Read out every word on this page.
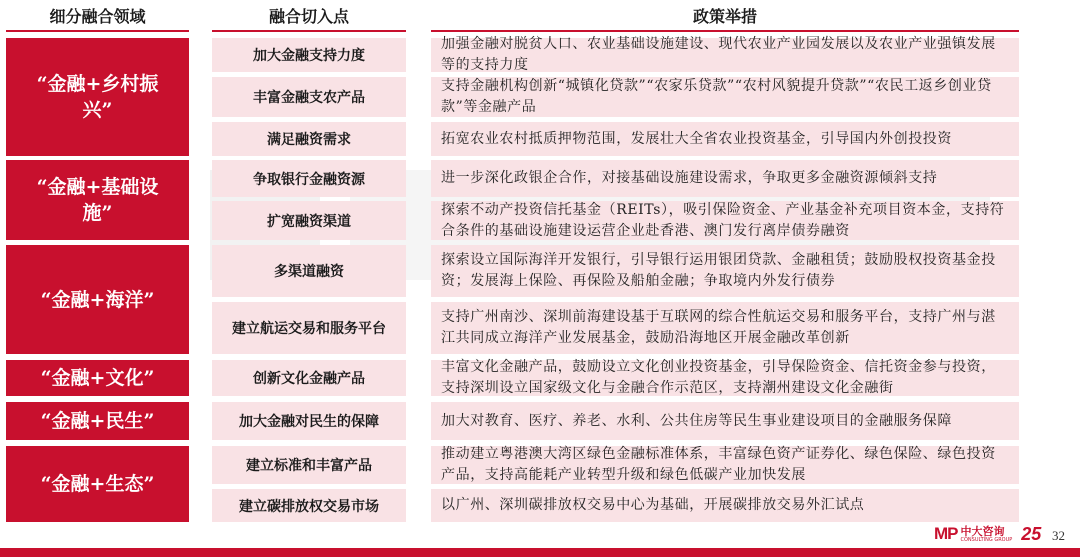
细分融合领域	融合切入点	政策举措
“金融+乡村振兴”
“金融+基础设施”
“金融+海洋”
“金融+文化”
“金融+民生”
“金融+生态”
加大金融支持力度
丰富金融支农产品
满足融资需求
争取银行金融资源
扩宽融资渠道
多渠道融资
建立航运交易和服务平台
创新文化金融产品
加大金融对民生的保障
建立标准和丰富产品
建立碳排放权交易市场
加强金融对脱贫人口、农业基础设施建设、现代农业产业园发展以及农业产业强镇发展等的支持力度
支持金融机构创新“城镇化贷款”“农家乐贷款”“农村风貌提升贷款”“农民工返乡创业贷款”等金融产品
拓宽农业农村抵质押物范围，发展壮大全省农业投资基金，引导国内外创投投资
进一步深化政银企合作，对接基础设施建设需求，争取更多金融资源倾斜支持
探索不动产投资信托基金（REITs），吸引保险资金、产业基金补充项目资本金，支持符合条件的基础设施建设运营企业赴香港、澳门发行离岸债券融资
探索设立国际海洋开发银行，引导银行运用银团贷款、金融租赁；鼓励股权投资基金投资；发展海上保险、再保险及船舶金融；争取境内外发行债券
支持广州南沙、深圳前海建设基于互联网的综合性航运交易和服务平台，支持广州与湛江共同成立海洋产业发展基金，鼓励沿海地区开展金融改革创新
丰富文化金融产品，鼓励设立文化创业投资基金，引导保险资金、信托资金参与投资，支持深圳设立国家级文化与金融合作示范区，支持潮州建设文化金融街
加大对教育、医疗、养老、水利、公共住房等民生事业建设项目的金融服务保障
推动建立粤港澳大湾区绿色金融标准体系，丰富绿色资产证券化、绿色保险、绿色投资产品，支持高能耗产业转型升级和绿色低碳产业加快发展
以广州、深圳碳排放权交易中心为基础，开展碳排放交易外汇试点
MP 中大咨询
CONSULTING GROUP 25 32
